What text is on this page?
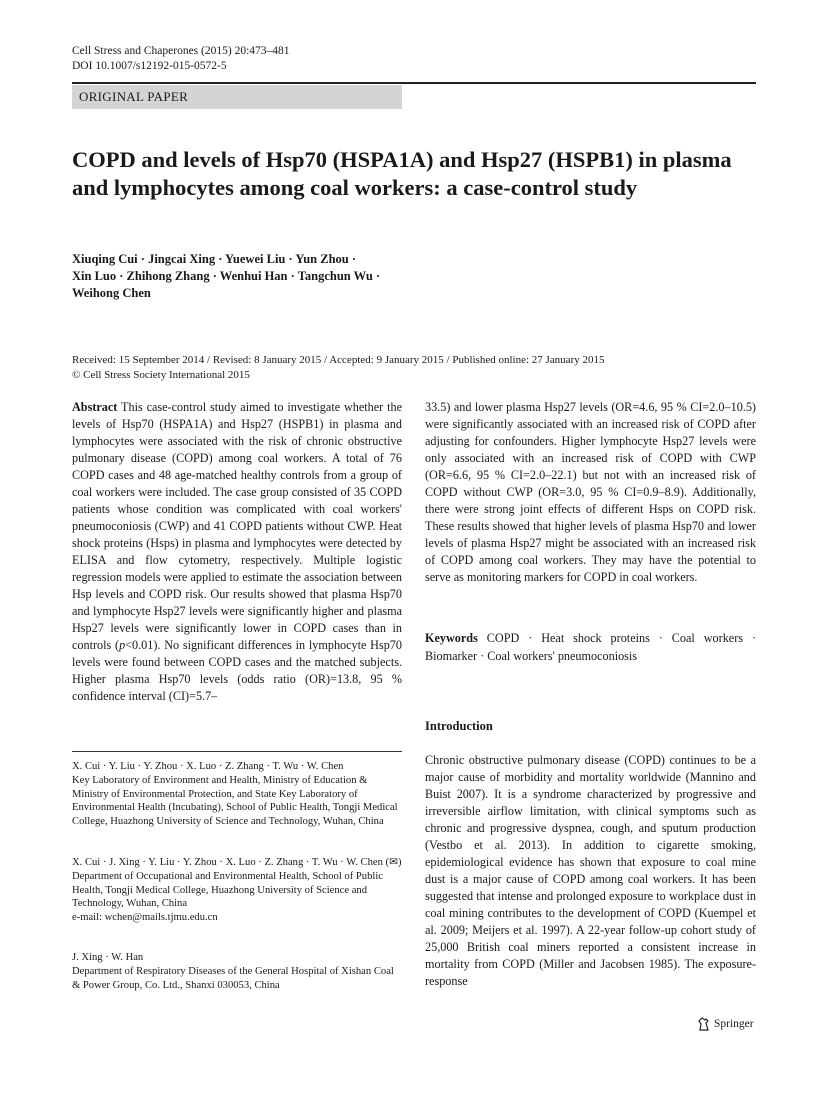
Cell Stress and Chaperones (2015) 20:473–481
DOI 10.1007/s12192-015-0572-5
ORIGINAL PAPER
COPD and levels of Hsp70 (HSPA1A) and Hsp27 (HSPB1) in plasma and lymphocytes among coal workers: a case-control study
Xiuqing Cui · Jingcai Xing · Yuewei Liu · Yun Zhou ·
Xin Luo · Zhihong Zhang · Wenhui Han · Tangchun Wu ·
Weihong Chen
Received: 15 September 2014 / Revised: 8 January 2015 / Accepted: 9 January 2015 / Published online: 27 January 2015
© Cell Stress Society International 2015
Abstract This case-control study aimed to investigate whether the levels of Hsp70 (HSPA1A) and Hsp27 (HSPB1) in plasma and lymphocytes were associated with the risk of chronic obstructive pulmonary disease (COPD) among coal workers. A total of 76 COPD cases and 48 age-matched healthy controls from a group of coal workers were included. The case group consisted of 35 COPD patients whose condition was complicated with coal workers' pneumoconiosis (CWP) and 41 COPD patients without CWP. Heat shock proteins (Hsps) in plasma and lymphocytes were detected by ELISA and flow cytometry, respectively. Multiple logistic regression models were applied to estimate the association between Hsp levels and COPD risk. Our results showed that plasma Hsp70 and lymphocyte Hsp27 levels were significantly higher and plasma Hsp27 levels were significantly lower in COPD cases than in controls (p<0.01). No significant differences in lymphocyte Hsp70 levels were found between COPD cases and the matched subjects. Higher plasma Hsp70 levels (odds ratio (OR)=13.8, 95 % confidence interval (CI)=5.7–
33.5) and lower plasma Hsp27 levels (OR=4.6, 95 % CI=2.0–10.5) were significantly associated with an increased risk of COPD after adjusting for confounders. Higher lymphocyte Hsp27 levels were only associated with an increased risk of COPD with CWP (OR=6.6, 95 % CI=2.0–22.1) but not with an increased risk of COPD without CWP (OR=3.0, 95 % CI=0.9–8.9). Additionally, there were strong joint effects of different Hsps on COPD risk. These results showed that higher levels of plasma Hsp70 and lower levels of plasma Hsp27 might be associated with an increased risk of COPD among coal workers. They may have the potential to serve as monitoring markers for COPD in coal workers.
Keywords COPD · Heat shock proteins · Coal workers · Biomarker · Coal workers' pneumoconiosis
Introduction
Chronic obstructive pulmonary disease (COPD) continues to be a major cause of morbidity and mortality worldwide (Mannino and Buist 2007). It is a syndrome characterized by progressive and irreversible airflow limitation, with clinical symptoms such as chronic and progressive dyspnea, cough, and sputum production (Vestbo et al. 2013). In addition to cigarette smoking, epidemiological evidence has shown that exposure to coal mine dust is a major cause of COPD among coal workers. It has been suggested that intense and prolonged exposure to workplace dust in coal mining contributes to the development of COPD (Kuempel et al. 2009; Meijers et al. 1997). A 22-year follow-up cohort study of 25,000 British coal miners reported a consistent increase in mortality from COPD (Miller and Jacobsen 1985). The exposure-response
X. Cui · Y. Liu · Y. Zhou · X. Luo · Z. Zhang · T. Wu · W. Chen
Key Laboratory of Environment and Health, Ministry of Education & Ministry of Environmental Protection, and State Key Laboratory of Environmental Health (Incubating), School of Public Health, Tongji Medical College, Huazhong University of Science and Technology, Wuhan, China
X. Cui · J. Xing · Y. Liu · Y. Zhou · X. Luo · Z. Zhang · T. Wu · W. Chen (✉)
Department of Occupational and Environmental Health, School of Public Health, Tongji Medical College, Huazhong University of Science and Technology, Wuhan, China
e-mail: wchen@mails.tjmu.edu.cn
J. Xing · W. Han
Department of Respiratory Diseases of the General Hospital of Xishan Coal & Power Group, Co. Ltd., Shanxi 030053, China
Springer
